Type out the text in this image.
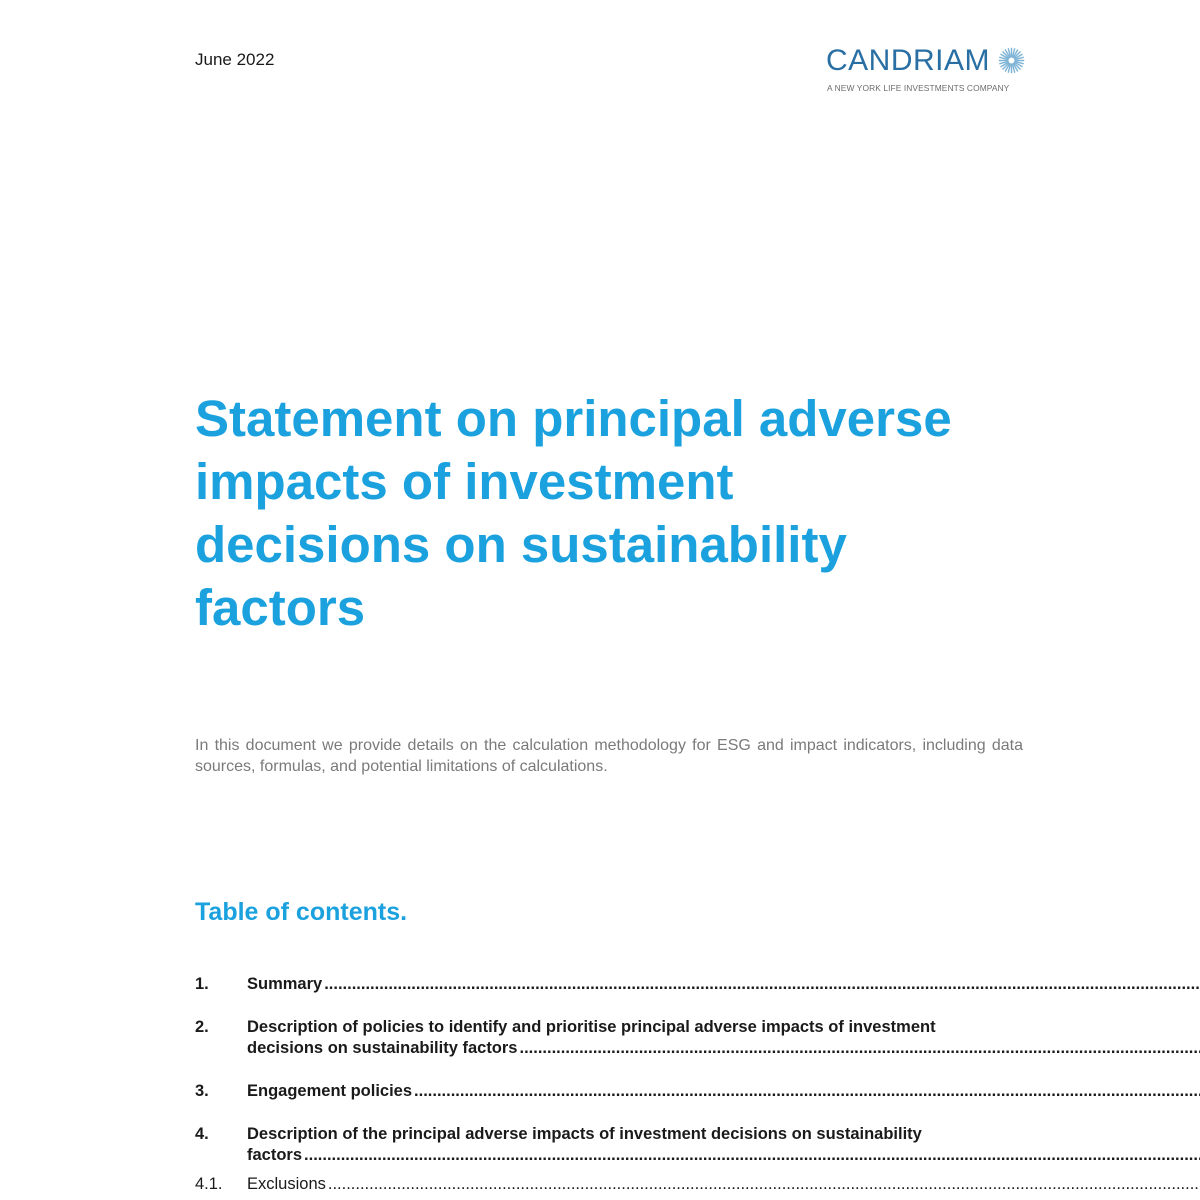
June 2022	CANDRIAM
A NEW YORK LIFE INVESTMENTS COMPANY
Statement on principal adverse
impacts of investment
decisions on sustainability
factors

In this document we provide details on the calculation methodology for ESG and impact indicators, including data sources, formulas, and potential limitations of calculations.

Table of contents.
1.	Summary
.....
2.	Description of policies to identify and prioritise principal adverse impacts of investment
decisions on sustainability factors
.....
3.	Engagement policies
.....
4.	Description of the principal adverse impacts of investment decisions on sustainability
factors
.....
4.1.	Exclusions
.....
